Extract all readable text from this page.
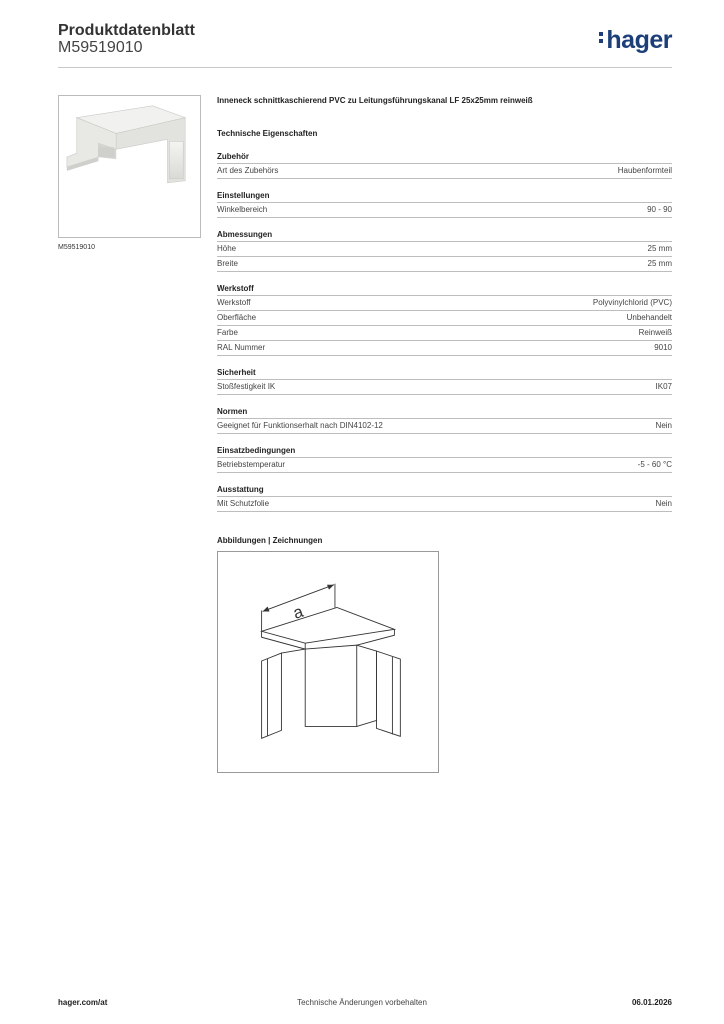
Produktdatenblatt
M59519010	hager
M59519010
Inneneck schnittkaschierend PVC zu Leitungsführungskanal LF 25x25mm reinweiß
Technische Eigenschaften
Zubehör
Art des Zubehörs	Haubenformteil
Einstellungen
Winkelbereich	90 - 90
Abmessungen
Höhe	25 mm
Breite	25 mm
Werkstoff
Werkstoff	Polyvinylchlorid (PVC)
Oberfläche	Unbehandelt
Farbe	Reinweiß
RAL Nummer	9010
Sicherheit
Stoßfestigkeit IK	IK07
Normen
Geeignet für Funktionserhalt nach DIN4102-12	Nein
Einsatzbedingungen
Betriebstemperatur	-5 - 60 °C
Ausstattung
Mit Schutzfolie	Nein
Abbildungen | Zeichnungen
a
hager.com/at	Technische Änderungen vorbehalten	06.01.2026
